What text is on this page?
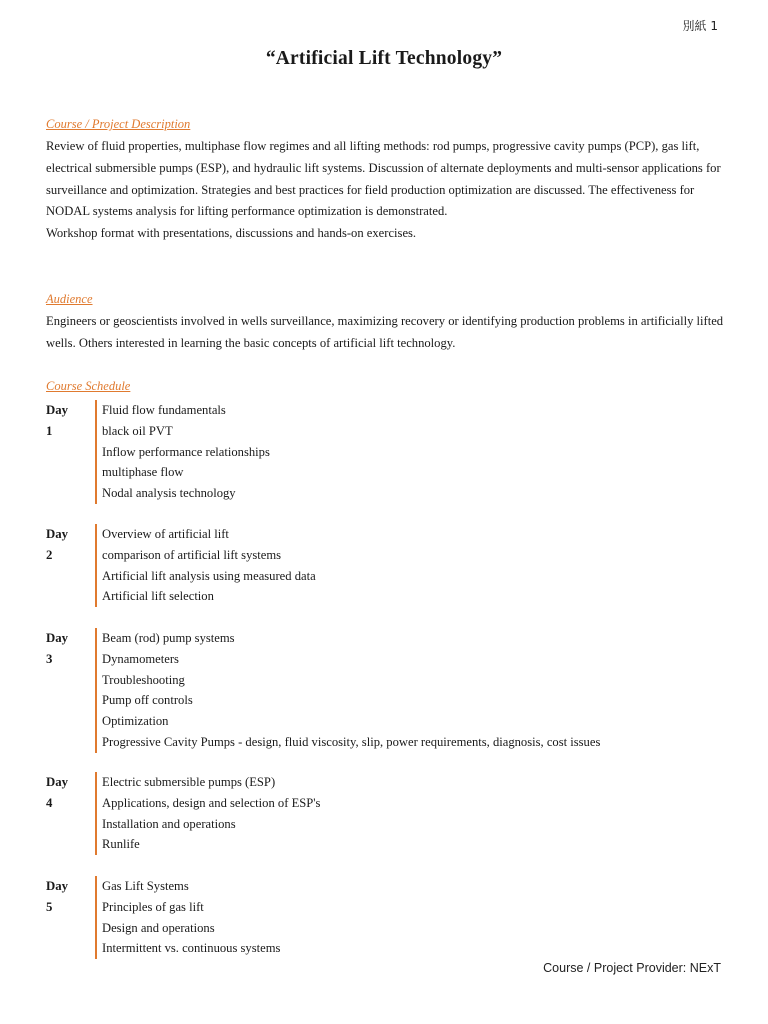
別紙 1
“Artificial Lift Technology”
Course / Project Description

Review of fluid properties, multiphase flow regimes and all lifting methods: rod pumps, progressive cavity pumps (PCP), gas lift, electrical submersible pumps (ESP), and hydraulic lift systems. Discussion of alternate deployments and multi-sensor applications for surveillance and optimization. Strategies and best practices for field production optimization are discussed. The effectiveness for NODAL systems analysis for lifting performance optimization is demonstrated.

Workshop format with presentations, discussions and hands-on exercises.

Audience

Engineers or geoscientists involved in wells surveillance, maximizing recovery or identifying production problems in artificially lifted wells. Others interested in learning the basic concepts of artificial lift technology.

Course Schedule
Day 1
Fluid flow fundamentals
black oil PVT
Inflow performance relationships
multiphase flow
Nodal analysis technology
Day 2
Overview of artificial lift
comparison of artificial lift systems
Artificial lift analysis using measured data
Artificial lift selection
Day 3
Beam (rod) pump systems
Dynamometers
Troubleshooting
Pump off controls
Optimization
Progressive Cavity Pumps - design, fluid viscosity, slip, power requirements, diagnosis, cost issues
Day 4
Electric submersible pumps (ESP)
Applications, design and selection of ESP's
Installation and operations
Runlife
Day 5
Gas Lift Systems
Principles of gas lift
Design and operations
Intermittent vs. continuous systems
Course / Project Provider: NExT
